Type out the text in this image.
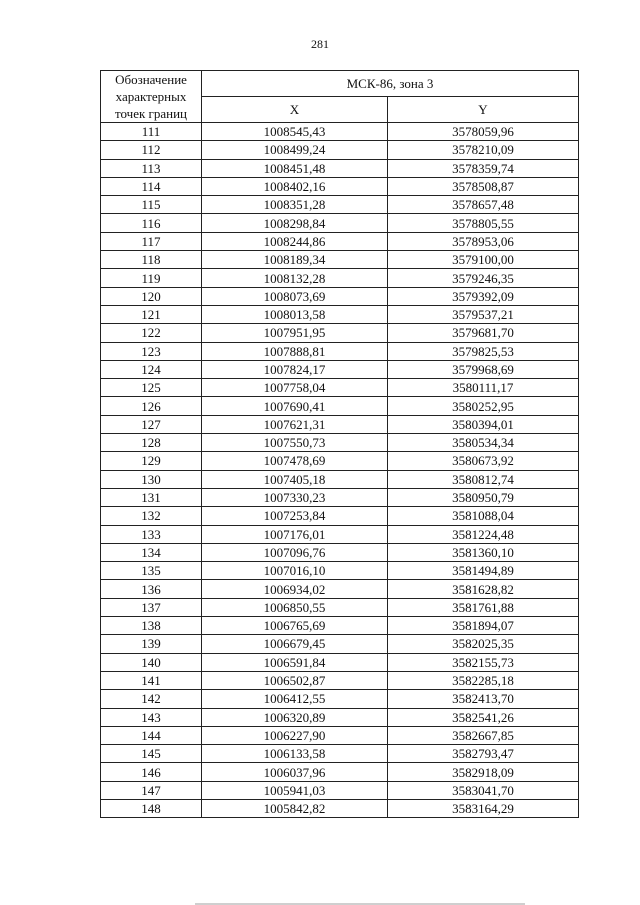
281
Обозначение характерных точек границ	МСК-86, зона 3	
	X	Y
111	1008545,43	3578059,96
112	1008499,24	3578210,09
113	1008451,48	3578359,74
114	1008402,16	3578508,87
115	1008351,28	3578657,48
116	1008298,84	3578805,55
117	1008244,86	3578953,06
118	1008189,34	3579100,00
119	1008132,28	3579246,35
120	1008073,69	3579392,09
121	1008013,58	3579537,21
122	1007951,95	3579681,70
123	1007888,81	3579825,53
124	1007824,17	3579968,69
125	1007758,04	3580111,17
126	1007690,41	3580252,95
127	1007621,31	3580394,01
128	1007550,73	3580534,34
129	1007478,69	3580673,92
130	1007405,18	3580812,74
131	1007330,23	3580950,79
132	1007253,84	3581088,04
133	1007176,01	3581224,48
134	1007096,76	3581360,10
135	1007016,10	3581494,89
136	1006934,02	3581628,82
137	1006850,55	3581761,88
138	1006765,69	3581894,07
139	1006679,45	3582025,35
140	1006591,84	3582155,73
141	1006502,87	3582285,18
142	1006412,55	3582413,70
143	1006320,89	3582541,26
144	1006227,90	3582667,85
145	1006133,58	3582793,47
146	1006037,96	3582918,09
147	1005941,03	3583041,70
148	1005842,82	3583164,29
